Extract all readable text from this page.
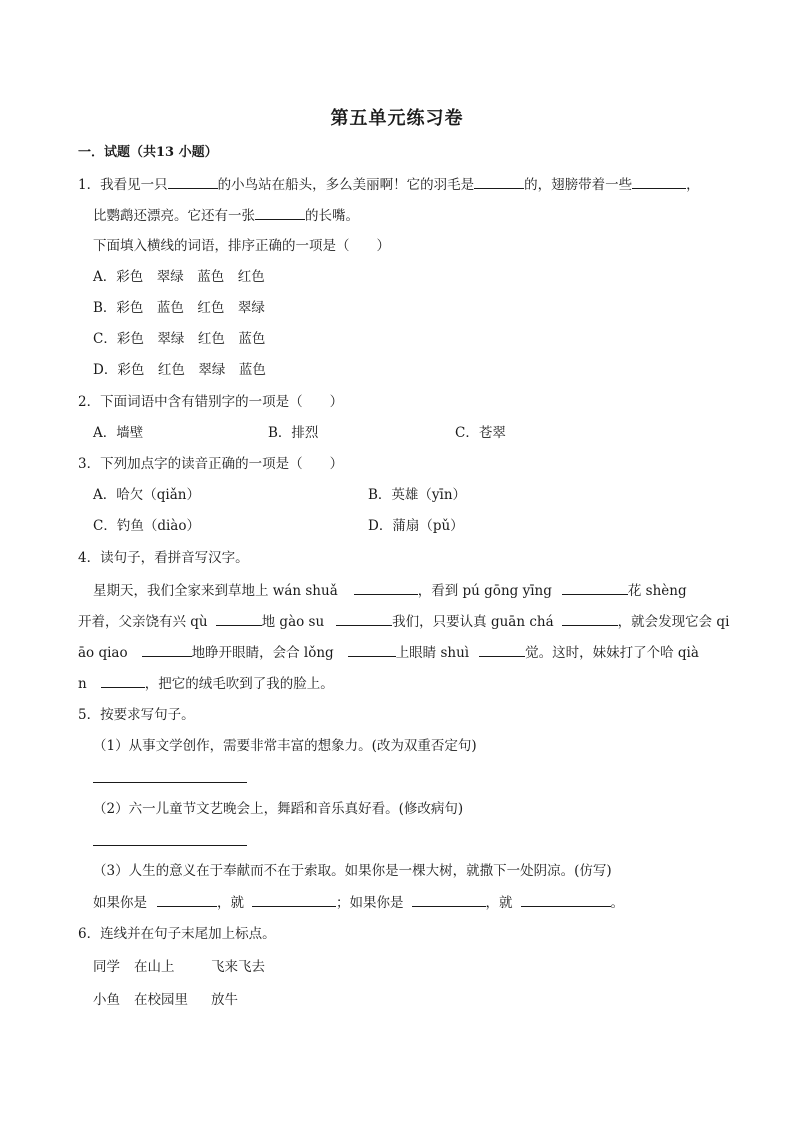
第五单元练习卷
一．试题（共13 小题）
1．我看见一只	的小鸟站在船头，多么美丽啊！它的羽毛是	的，翅膀带着一些	，
比鹦鹉还漂亮。它还有一张	的长嘴。
下面填入横线的词语，排序正确的一项是（　　）
A．彩色　翠绿　蓝色　红色
B．彩色　蓝色　红色　翠绿
C．彩色　翠绿　红色　蓝色
D．彩色　红色　翠绿　蓝色
2．下面词语中含有错别字的一项是（　　）
A．墙壁	B．排烈	C．苍翠
3．下列加点字的读音正确的一项是（　　）
A．哈欠（qiǎn）	B．英雄（yīn）
C．钓鱼（diào）	D．蒲扇（pǔ）
4．读句子，看拼音写汉字。
星期天，我们全家来到草地上 wán shuǎ	，看到 pú gōng yīng	花 shèng
开着，父亲饶有兴 qù	地 gào su	我们，只要认真 guān chá	，就会发现它会 qi
āo qiao	地睁开眼睛，会合 lǒng	上眼睛 shuì	觉。这时，妹妹打了个哈 qià
n	，把它的绒毛吹到了我的脸上。
5．按要求写句子。
（1）从事文学创作，需要非常丰富的想象力。(改为双重否定句)
（2）六一儿童节文艺晚会上，舞蹈和音乐真好看。(修改病句)
（3）人生的意义在于奉献而不在于索取。如果你是一棵大树，就撒下一处阴凉。(仿写)
如果你是	，就	；如果你是	，就	。
6．连线并在句子末尾加上标点。
同学 在山上	飞来飞去
小鱼 在校园里 放牛
